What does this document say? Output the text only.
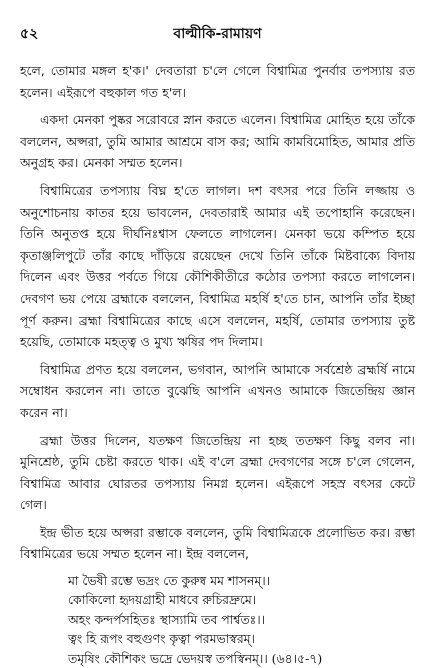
৫২	বাল্মীকি-রামায়ণ

হলে, তোমার মঙ্গল হ'ক।' দেবতারা চ'লে গেলে বিশ্বামিত্র পুনর্বার তপস্যায় রত হলেন। এইরূপে বহুকাল গত হ'ল।

একদা মেনকা পুষ্কর সরোবরে স্নান করতে এলেন। বিশ্বামিত্র মোহিত হয়ে তাঁকে বললেন, অপ্সরা, তুমি আমার আশ্রমে বাস কর; আমি কামবিমোহিত, আমার প্রতি অনুগ্রহ কর। মেনকা সম্মত হলেন।

বিশ্বামিত্রের তপস্যায় বিঘ্ন হ'তে লাগল। দশ বৎসর পরে তিনি লজ্জায় ও অনুশোচনায় কাতর হয়ে ভাবলেন, দেবতারাই আমার এই তপোহানি করেছেন। তিনি অনুতপ্ত হয়ে দীর্ঘনিঃশ্বাস ফেলতে লাগলেন। মেনকা ভয়ে কম্পিত হয়ে কৃতাঞ্জলিপুটে তাঁর কাছে দাঁড়িয়ে রয়েছেন দেখে তিনি তাঁকে মিষ্টবাক্যে বিদায় দিলেন এবং উত্তর পর্বতে গিয়ে কৌশিকীতীরে কঠোর তপস্যা করতে লাগলেন। দেবগণ ভয় পেয়ে ব্রহ্মাকে বললেন, বিশ্বামিত্র মহর্ষি হ'তে চান, আপনি তাঁর ইচ্ছা পূর্ণ করুন। ব্রহ্মা বিশ্বামিত্রের কাছে এসে বললেন, মহর্ষি, তোমার তপস্যায় তুষ্ট হয়েছি, তোমাকে মহত্ত্ব ও মুখ্য ঋষির পদ দিলাম।

বিশ্বামিত্র প্রণত হয়ে বললেন, ভগবান, আপনি আমাকে সর্বশ্রেষ্ঠ ব্রহ্মর্ষি নামে সম্বোধন করলেন না। তাতে বুঝেছি আপনি এখনও আমাকে জিতেন্দ্রিয় জ্ঞান করেন না।

ব্রহ্মা উত্তর দিলেন, যতক্ষণ জিতেন্দ্রিয় না হচ্ছ ততক্ষণ কিছু বলব না। মুনিশ্রেষ্ঠ, তুমি চেষ্টা করতে থাক। এই ব'লে ব্রহ্মা দেবগণের সঙ্গে চ'লে গেলেন, বিশ্বামিত্র আবার ঘোরতর তপস্যায় নিমগ্ন হলেন। এইরূপে সহস্র বৎসর কেটে গেল।

ইন্দ্র ভীত হয়ে অপ্সরা রম্ভাকে বললেন, তুমি বিশ্বামিত্রকে প্রলোভিত কর। রম্ভা বিশ্বামিত্রের ভয়ে সম্মত হলেন না। ইন্দ্র বললেন,

মা ভৈষী রম্ভে ভদ্রং তে কুরুষ্ব মম শাসনম্‌।।
কোকিলো হৃদয়গ্রাহী মাধবে রুচিরদ্রুমে।
অহং কন্দর্পসহিতঃ স্থাস্যামি তব পার্শ্বতঃ।।
ত্বং হি রূপং বহুগুণং কৃত্বা পরমভাস্বরম্‌।
তমৃষিং কৌশিকং ভদ্রে ভেদয়স্ব তপস্বিনম্‌।। (৬৪।৫-৭)
